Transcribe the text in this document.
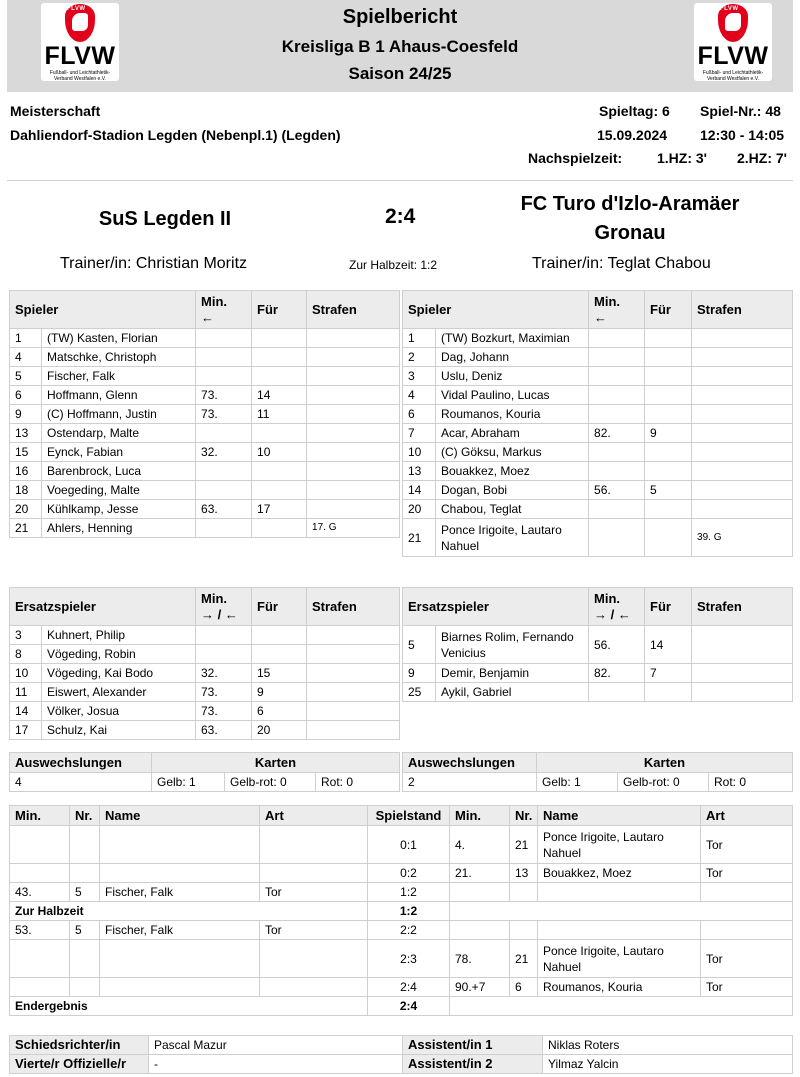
FLVW
FLVW
Fußball- und Leichtathletik-Verband Westfalen e.V.
Spielbericht
Kreisliga B 1 Ahaus-Coesfeld
Saison 24/25
FLVW
FLVW
Fußball- und Leichtathletik-Verband Westfalen e.V.
Meisterschaft
Dahliendorf-Stadion Legden (Nebenpl.1) (Legden)
Spieltag: 6 Spiel-Nr.: 48
15.09.2024 12:30 - 14:05
Nachspielzeit: 1.HZ: 3' 2.HZ: 7'
SuS Legden II	2:4
FC Turo d'Izlo-Aramäer Gronau
Trainer/in: Christian Moritz	Zur Halbzeit: 1:2	Trainer/in: Teglat Chabou
Spieler		Min.
←	Für	Strafen
1	(TW) Kasten, Florian			
4	Matschke, Christoph			
5	Fischer, Falk			
6	Hoffmann, Glenn	73.	14	
9	(C) Hoffmann, Justin	73.	11	
13	Ostendarp, Malte			
15	Eynck, Fabian	32.	10	
16	Barenbrock, Luca			
18	Voegeding, Malte			
20	Kühlkamp, Jesse	63.	17	
21	Ahlers, Henning			17. G
Spieler		Min.
←	Für	Strafen
1	(TW) Bozkurt, Maximian			
2	Dag, Johann			
3	Uslu, Deniz			
4	Vidal Paulino, Lucas			
6	Roumanos, Kouria			
7	Acar, Abraham	82.	9	
10	(C) Göksu, Markus			
13	Bouakkez, Moez			
14	Dogan, Bobi	56.	5	
20	Chabou, Teglat			
21	Ponce Irigoite, Lautaro Nahuel			39. G
Ersatzspieler		Min.
→ / ←	Für	Strafen
3	Kuhnert, Philip			
8	Vögeding, Robin			
10	Vögeding, Kai Bodo	32.	15	
11	Eiswert, Alexander	73.	9	
14	Völker, Josua	73.	6	
17	Schulz, Kai	63.	20	
Ersatzspieler		Min.
→ / ←	Für	Strafen
5	Biarnes Rolim, Fernando Venicius	56.	14	
9	Demir, Benjamin	82.	7	
25	Aykil, Gabriel			
Auswechslungen	Karten		
4	Gelb: 1	Gelb-rot: 0	Rot: 0
Auswechslungen	Karten		
2	Gelb: 1	Gelb-rot: 0	Rot: 0
Min.	Nr.	Name	Art	Spielstand	Min.	Nr.	Name	Art
				0:1	4.	21	Ponce Irigoite, Lautaro Nahuel	Tor
				0:2	21.	13	Bouakkez, Moez	Tor
43.	5	Fischer, Falk	Tor	1:2				
Zur Halbzeit				1:2				
53.	5	Fischer, Falk	Tor	2:2				
				2:3	78.	21	Ponce Irigoite, Lautaro Nahuel	Tor
				2:4	90.+7	6	Roumanos, Kouria	Tor
Endergebnis				2:4				
Schiedsrichter/in	Pascal Mazur	Assistent/in 1	Niklas Roters
Vierte/r Offizielle/r	-	Assistent/in 2	Yilmaz Yalcin
